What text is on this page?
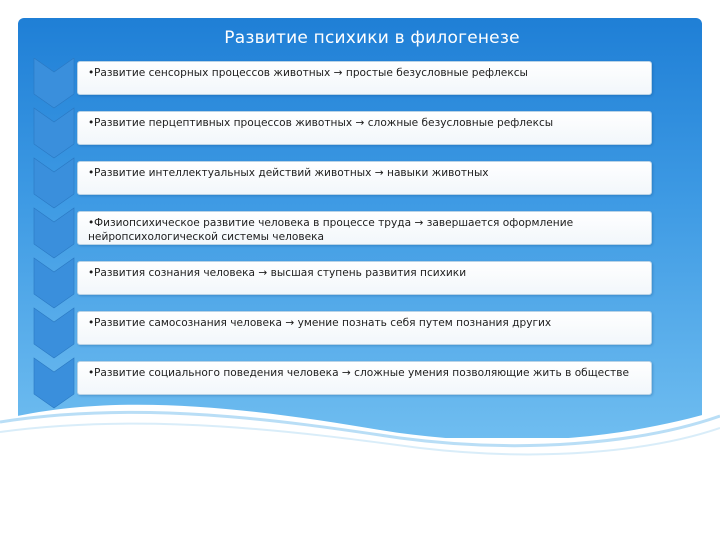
Развитие психики в филогенезе
•Развитие сенсорных процессов животных → простые безусловные рефлексы
•Развитие перцептивных процессов животных → сложные безусловные рефлексы
•Развитие интеллектуальных действий животных → навыки животных
•Физиопсихическое развитие человека в процессе труда → завершается оформление нейропсихологической системы человека
•Развития сознания человека → высшая ступень развития психики
•Развитие самосознания человека → умение познать себя путем познания других
•Развитие социального поведения человека → сложные умения позволяющие жить в обществе
